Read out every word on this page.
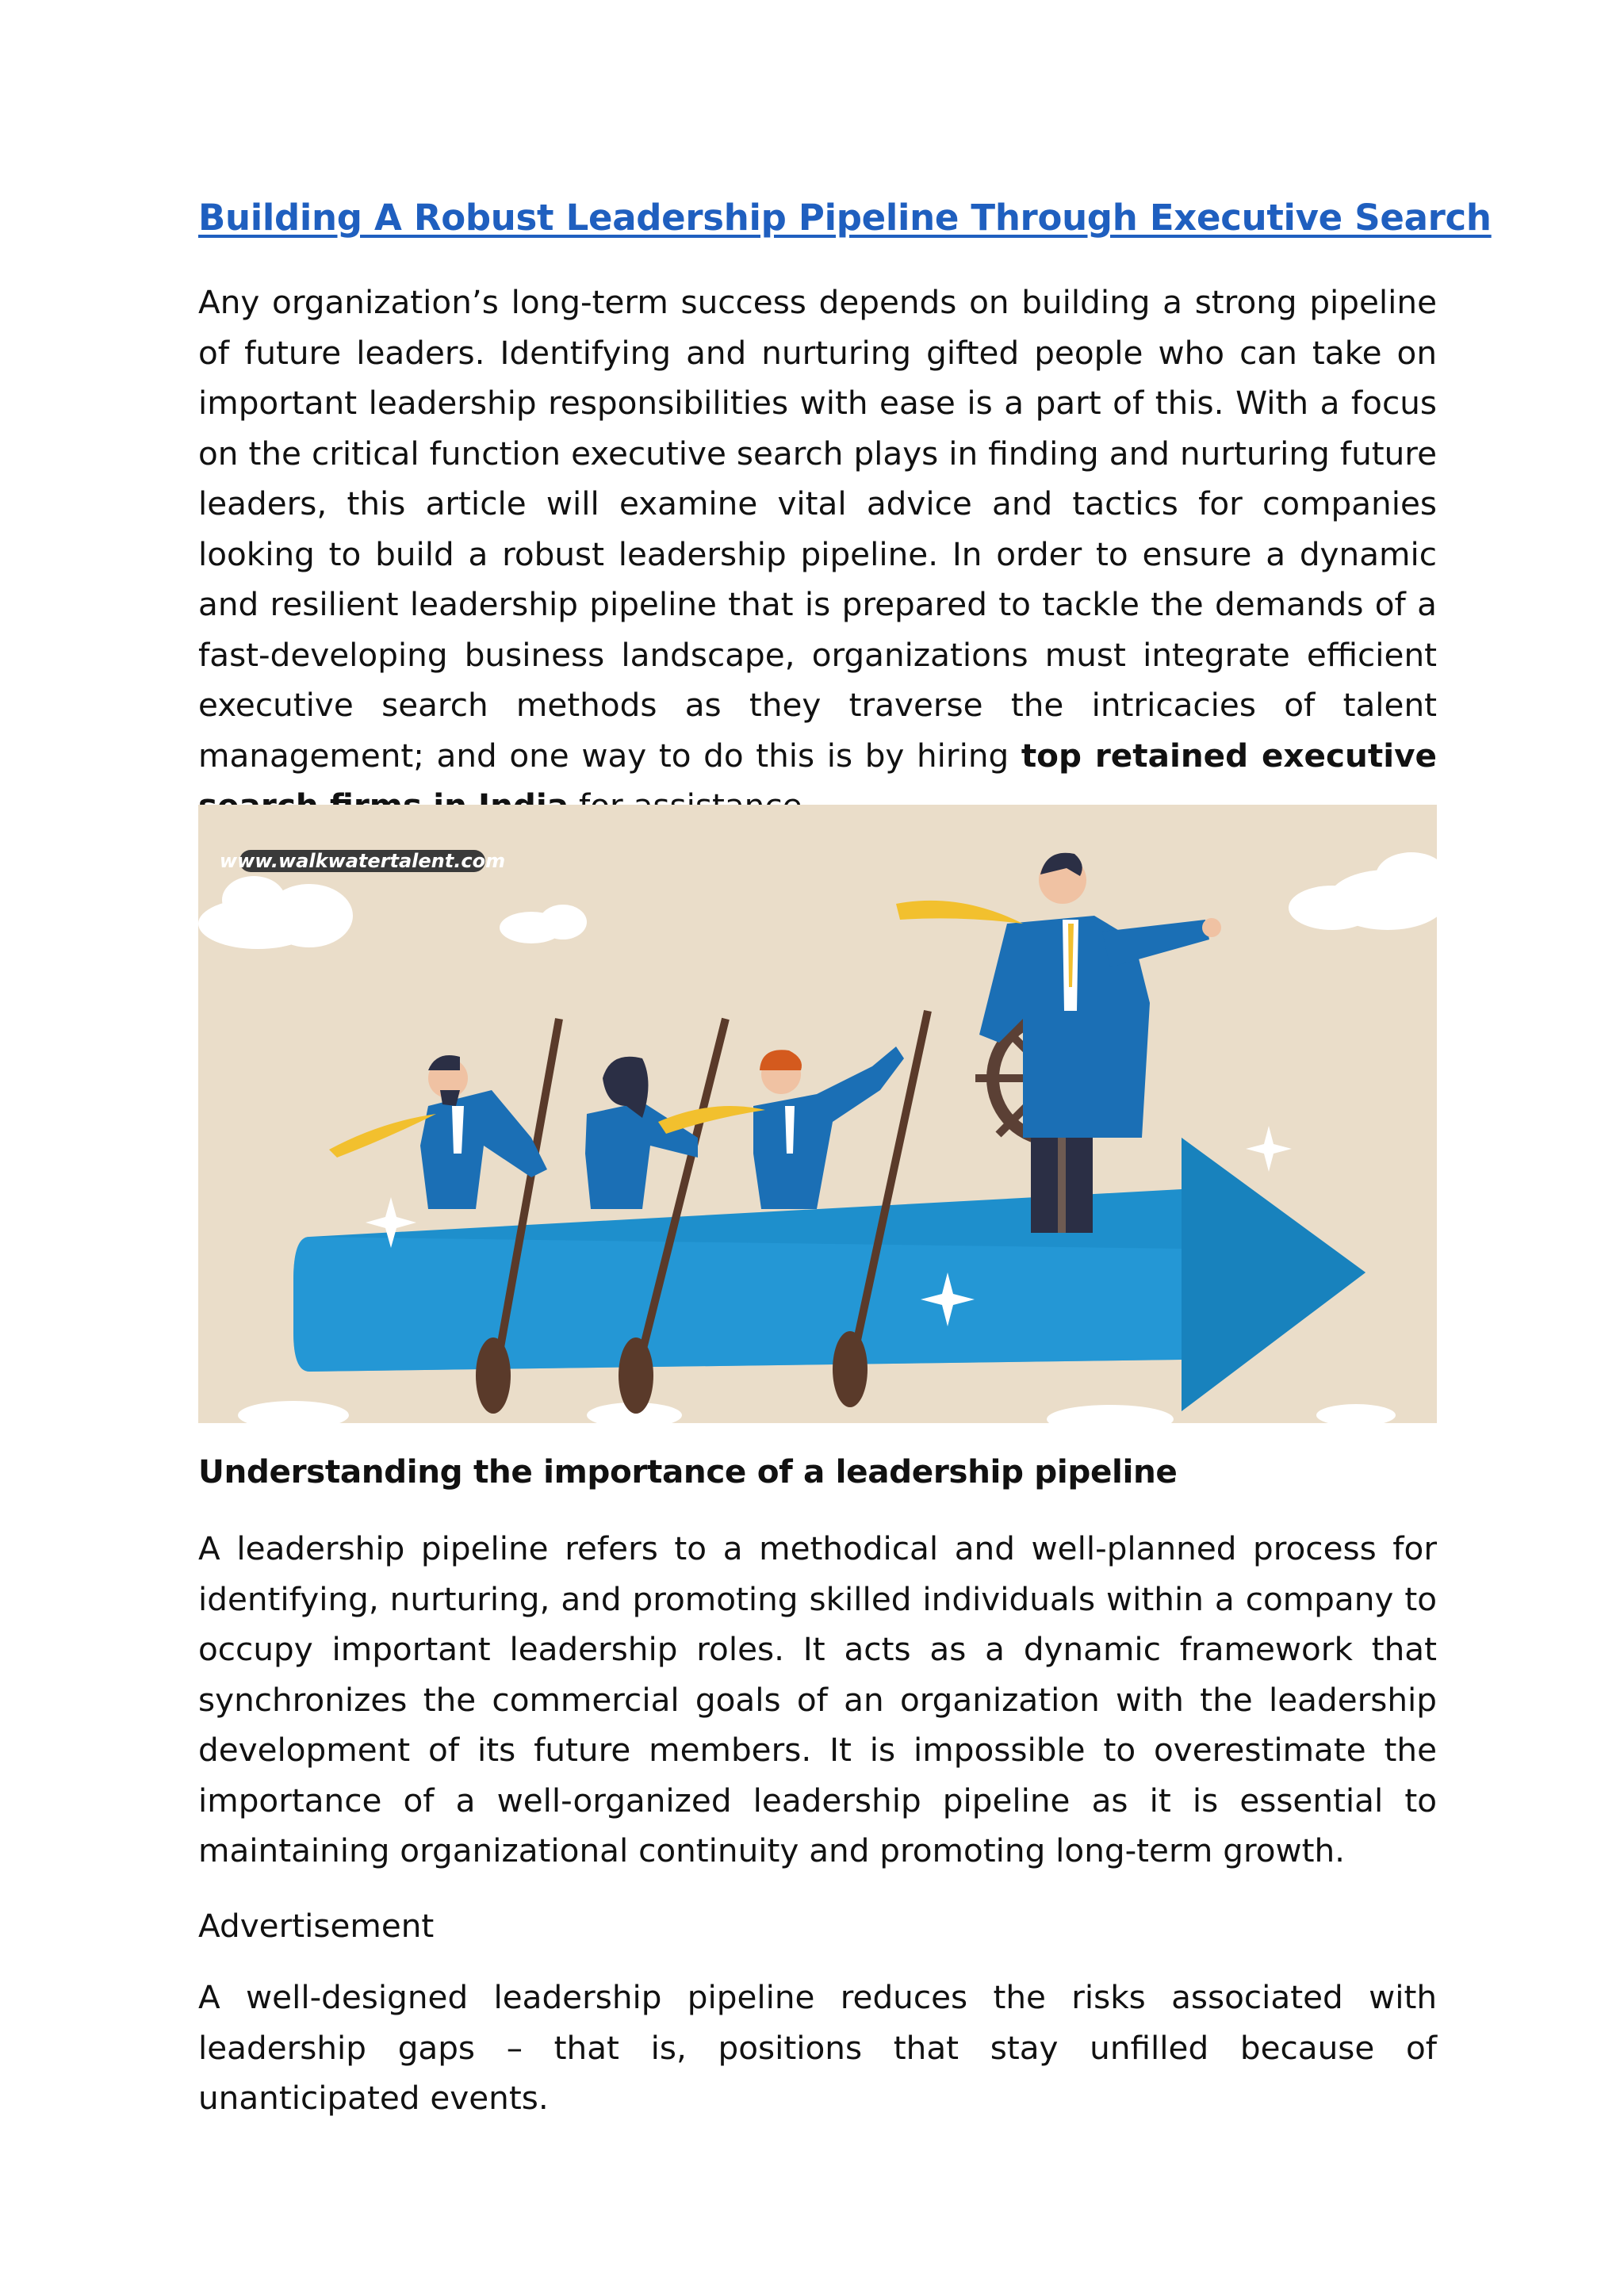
Building A Robust Leadership Pipeline Through Executive Search

Any organization’s long-term success depends on building a strong pipeline of future leaders. Identifying and nurturing gifted people who can take on important leadership responsibilities with ease is a part of this. With a focus on the critical function executive search plays in finding and nurturing future leaders, this article will examine vital advice and tactics for companies looking to build a robust leadership pipeline. In order to ensure a dynamic and resilient leadership pipeline that is prepared to tackle the demands of a fast-developing business landscape, organizations must integrate efficient executive search methods as they traverse the intricacies of talent management; and one way to do this is by hiring top retained executive

www.walkwatertalent.com
Understanding the importance of a leadership pipeline

A leadership pipeline refers to a methodical and well-planned process for identifying, nurturing, and promoting skilled individuals within a company to occupy important leadership roles. It acts as a dynamic framework that synchronizes the commercial goals of an organization with the leadership development of its future members. It is impossible to overestimate the importance of a well-organized leadership pipeline as it is essential to maintaining organizational continuity and promoting long-term growth.

Advertisement

A well-designed leadership pipeline reduces the risks associated with leadership gaps – that is, positions that stay unfilled because of unanticipated events.
